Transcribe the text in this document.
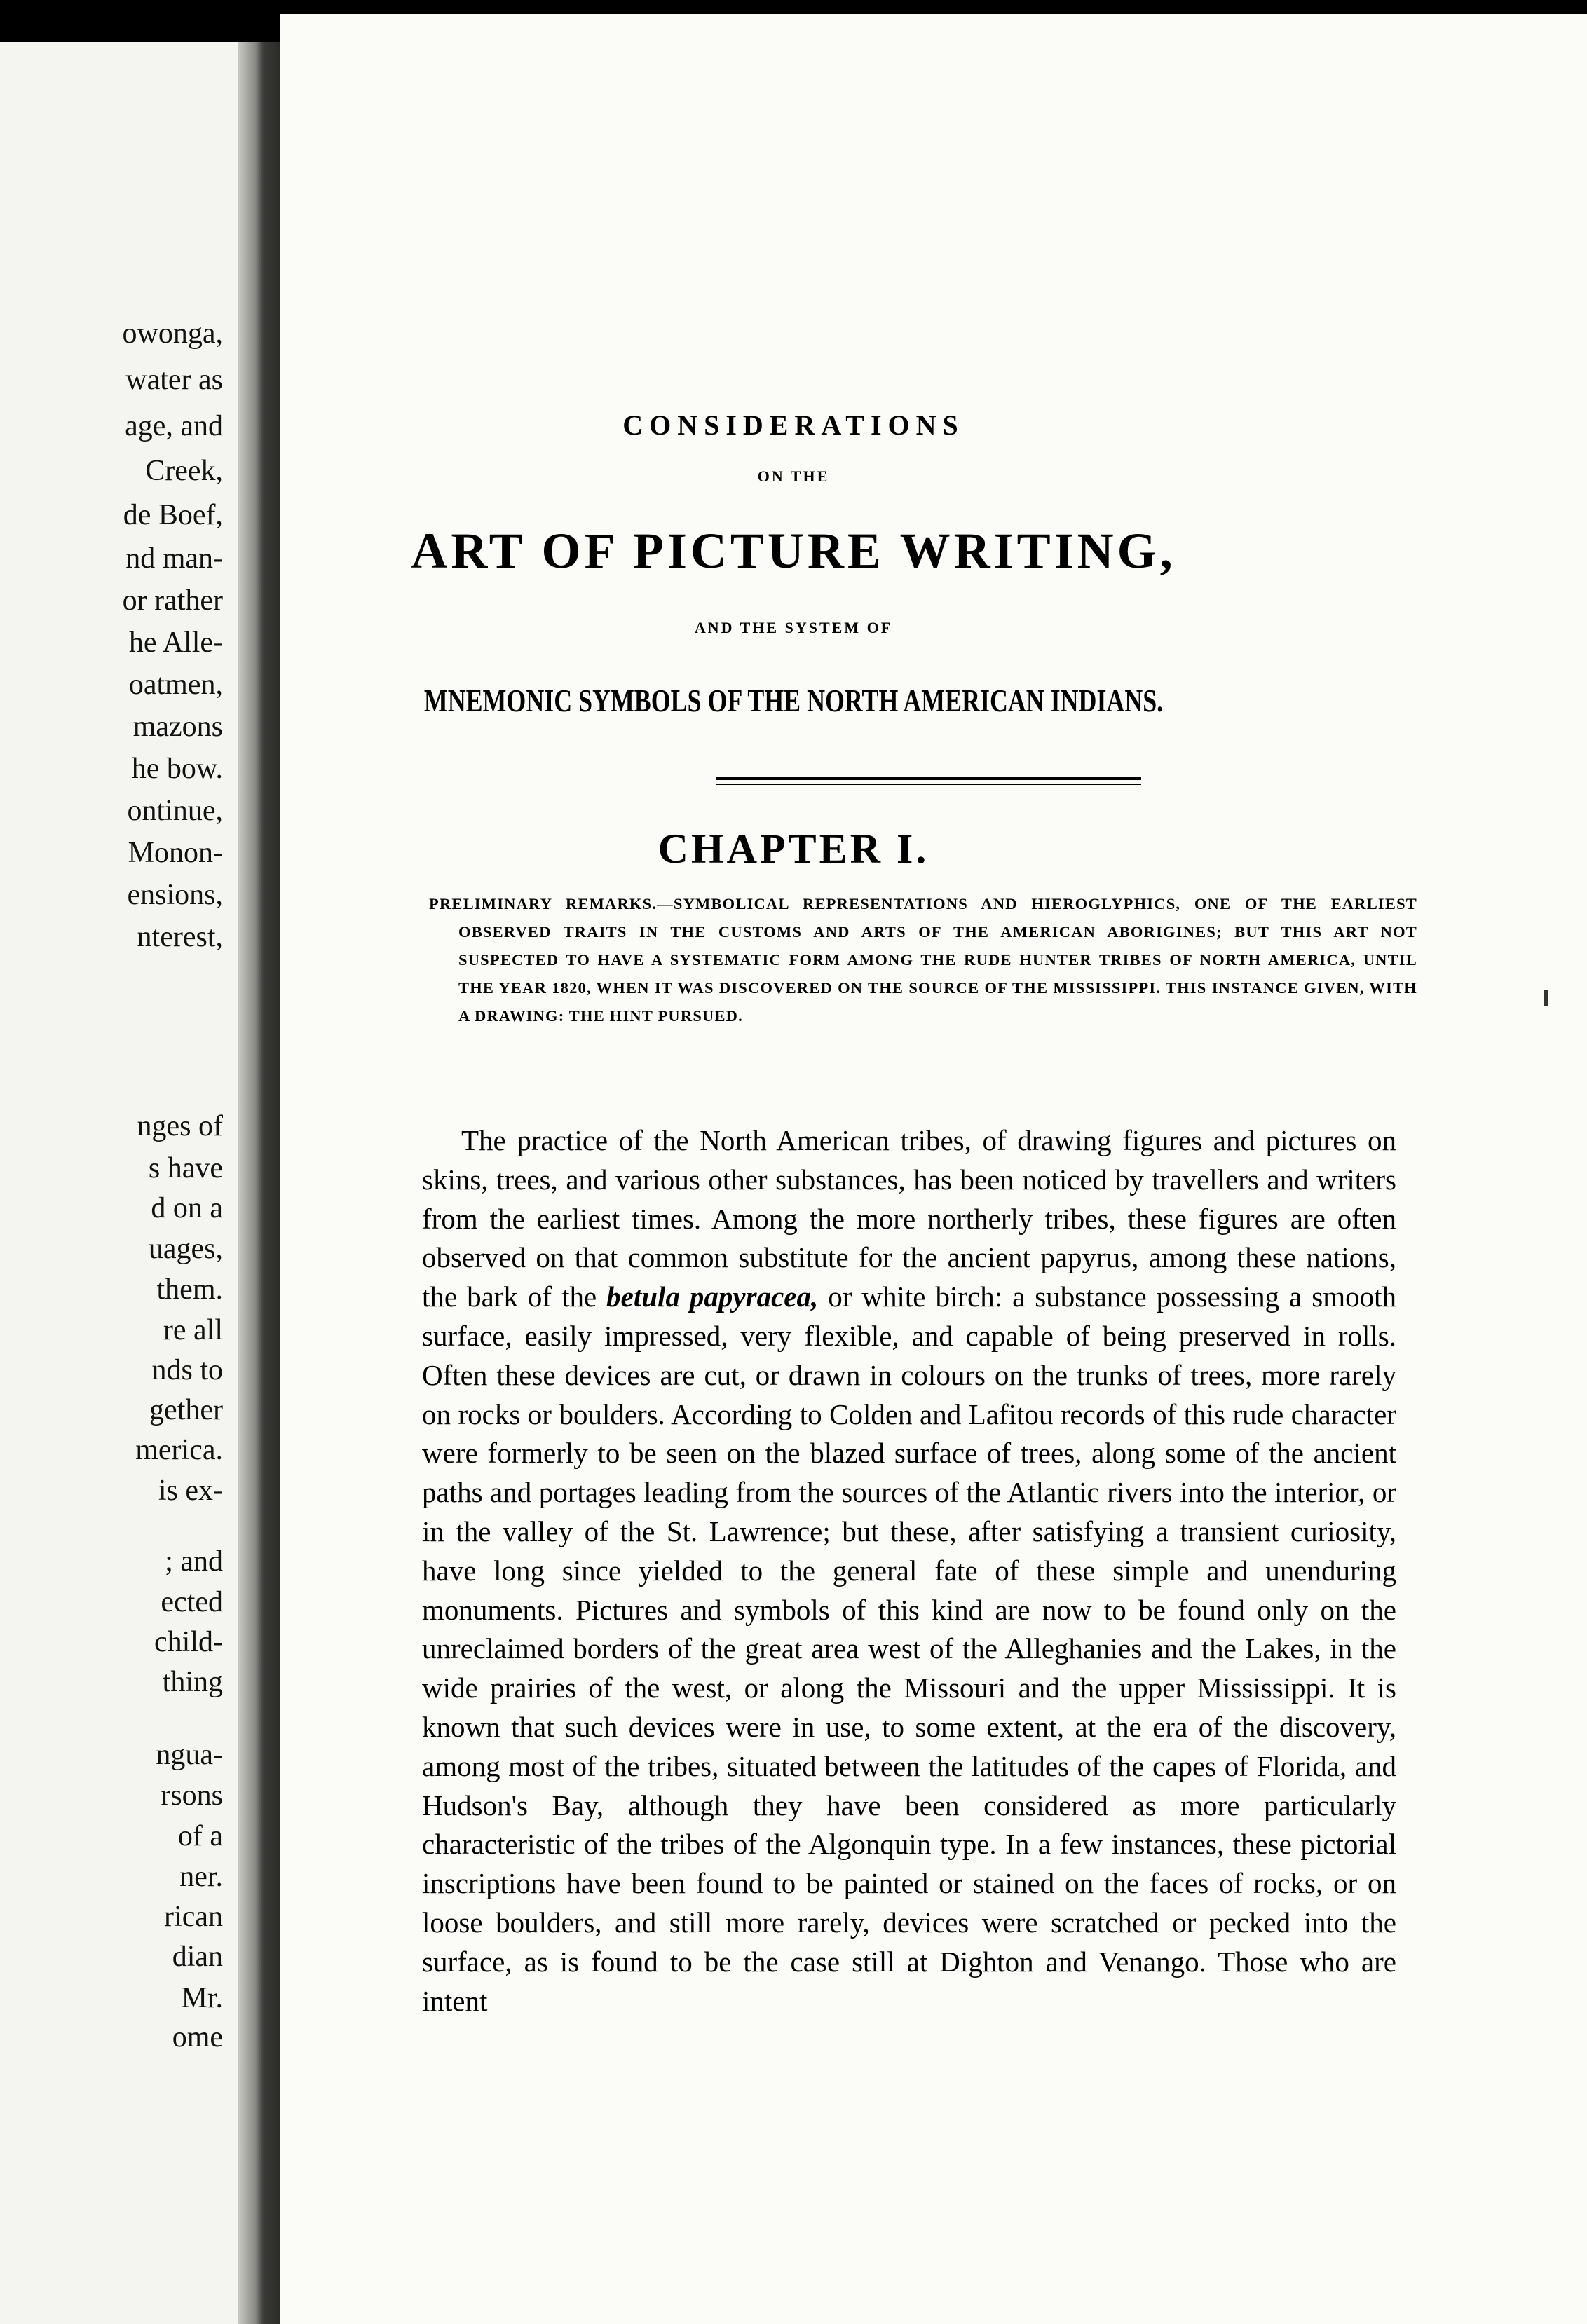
owonga,
water as
age, and
Creek,
de Boef,
nd man-
or rather
he Alle-
oatmen,
mazons
he bow.
ontinue,
Monon-
ensions,
nterest,
nges of
s have
d on a
uages,
them.
re all
nds to
gether
merica.
is ex-
; and
ected
child-
thing
ngua-
rsons
of a
ner.
rican
dian
Mr.
ome
CONSIDERATIONS
ON THE
ART OF PICTURE WRITING,
AND THE SYSTEM OF
MNEMONIC SYMBOLS OF THE NORTH AMERICAN INDIANS.
CHAPTER I.
PRELIMINARY REMARKS.—SYMBOLICAL REPRESENTATIONS AND HIEROGLYPHICS, ONE OF THE EARLIEST OBSERVED TRAITS IN THE CUSTOMS AND ARTS OF THE AMERICAN ABORIGINES; BUT THIS ART NOT SUSPECTED TO HAVE A SYSTEMATIC FORM AMONG THE RUDE HUNTER TRIBES OF NORTH AMERICA, UNTIL THE YEAR 1820, WHEN IT WAS DISCOVERED ON THE SOURCE OF THE MISSISSIPPI. THIS INSTANCE GIVEN, WITH A DRAWING: THE HINT PURSUED.
The practice of the North American tribes, of drawing figures and pictures on skins, trees, and various other substances, has been noticed by travellers and writers from the earliest times. Among the more northerly tribes, these figures are often observed on that common substitute for the ancient papyrus, among these nations, the bark of the betula papyracea, or white birch: a substance possessing a smooth surface, easily impressed, very flexible, and capable of being preserved in rolls. Often these devices are cut, or drawn in colours on the trunks of trees, more rarely on rocks or boulders. According to Colden and Lafitou records of this rude character were formerly to be seen on the blazed surface of trees, along some of the ancient paths and portages leading from the sources of the Atlantic rivers into the interior, or in the valley of the St. Lawrence; but these, after satisfying a transient curiosity, have long since yielded to the general fate of these simple and unenduring monuments. Pictures and symbols of this kind are now to be found only on the unreclaimed borders of the great area west of the Alleghanies and the Lakes, in the wide prairies of the west, or along the Missouri and the upper Mississippi. It is known that such devices were in use, to some extent, at the era of the discovery, among most of the tribes, situated between the latitudes of the capes of Florida, and Hudson's Bay, although they have been considered as more particularly characteristic of the tribes of the Algonquin type. In a few instances, these pictorial inscriptions have been found to be painted or stained on the faces of rocks, or on loose boulders, and still more rarely, devices were scratched or pecked into the surface, as is found to be the case still at Dighton and Venango. Those who are intent
